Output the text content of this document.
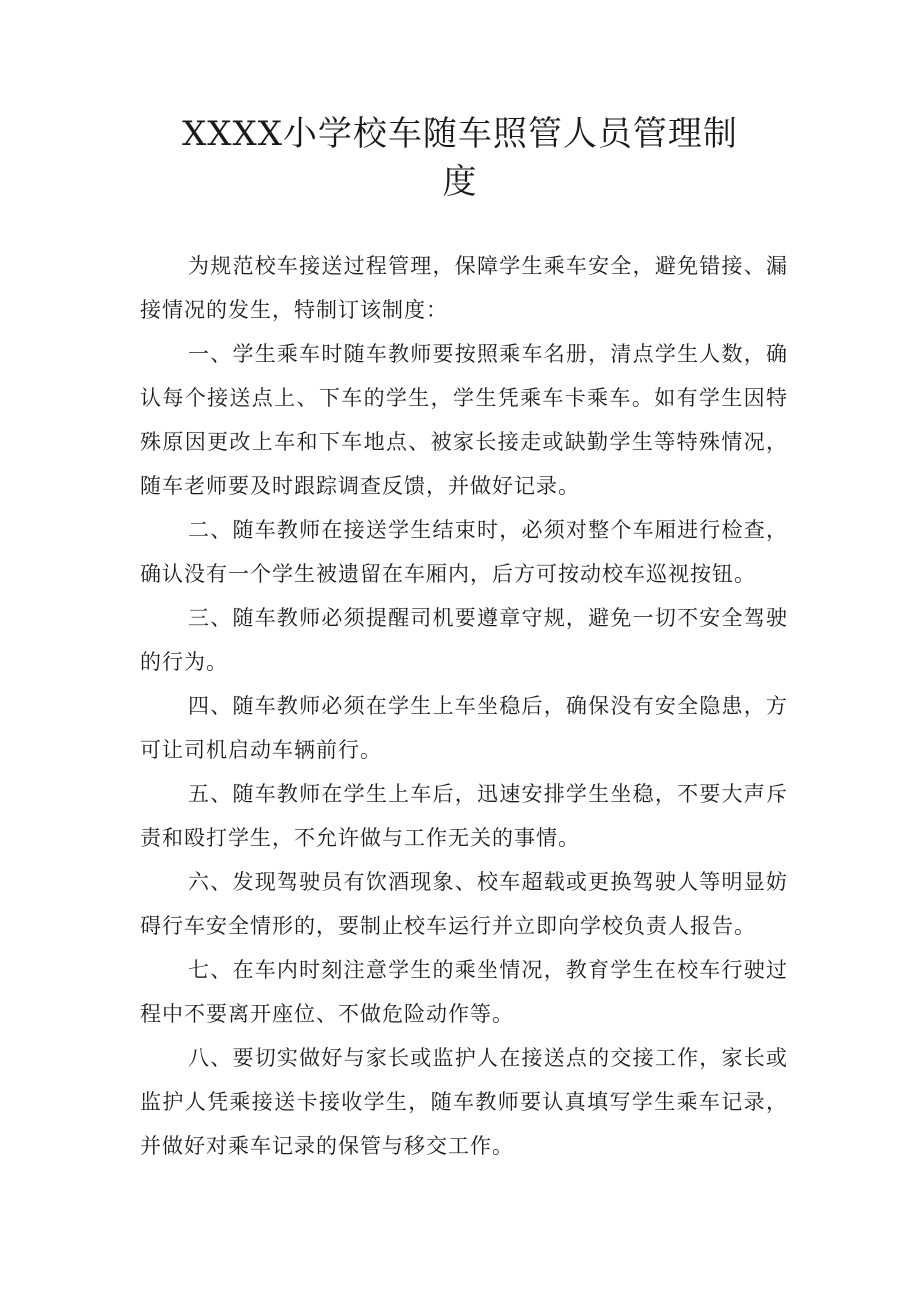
XXXX小学校车随车照管人员管理制
度

为规范校车接送过程管理，保障学生乘车安全，避免错接、漏接情况的发生，特制订该制度：

一、学生乘车时随车教师要按照乘车名册，清点学生人数，确认每个接送点上、下车的学生，学生凭乘车卡乘车。如有学生因特殊原因更改上车和下车地点、被家长接走或缺勤学生等特殊情况，随车老师要及时跟踪调查反馈，并做好记录。

二、随车教师在接送学生结束时，必须对整个车厢进行检查，确认没有一个学生被遗留在车厢内，后方可按动校车巡视按钮。

三、随车教师必须提醒司机要遵章守规，避免一切不安全驾驶的行为。

四、随车教师必须在学生上车坐稳后，确保没有安全隐患，方可让司机启动车辆前行。

五、随车教师在学生上车后，迅速安排学生坐稳，不要大声斥责和殴打学生，不允许做与工作无关的事情。

六、发现驾驶员有饮酒现象、校车超载或更换驾驶人等明显妨碍行车安全情形的，要制止校车运行并立即向学校负责人报告。

七、在车内时刻注意学生的乘坐情况，教育学生在校车行驶过程中不要离开座位、不做危险动作等。

八、要切实做好与家长或监护人在接送点的交接工作，家长或监护人凭乘接送卡接收学生，随车教师要认真填写学生乘车记录，并做好对乘车记录的保管与移交工作。
